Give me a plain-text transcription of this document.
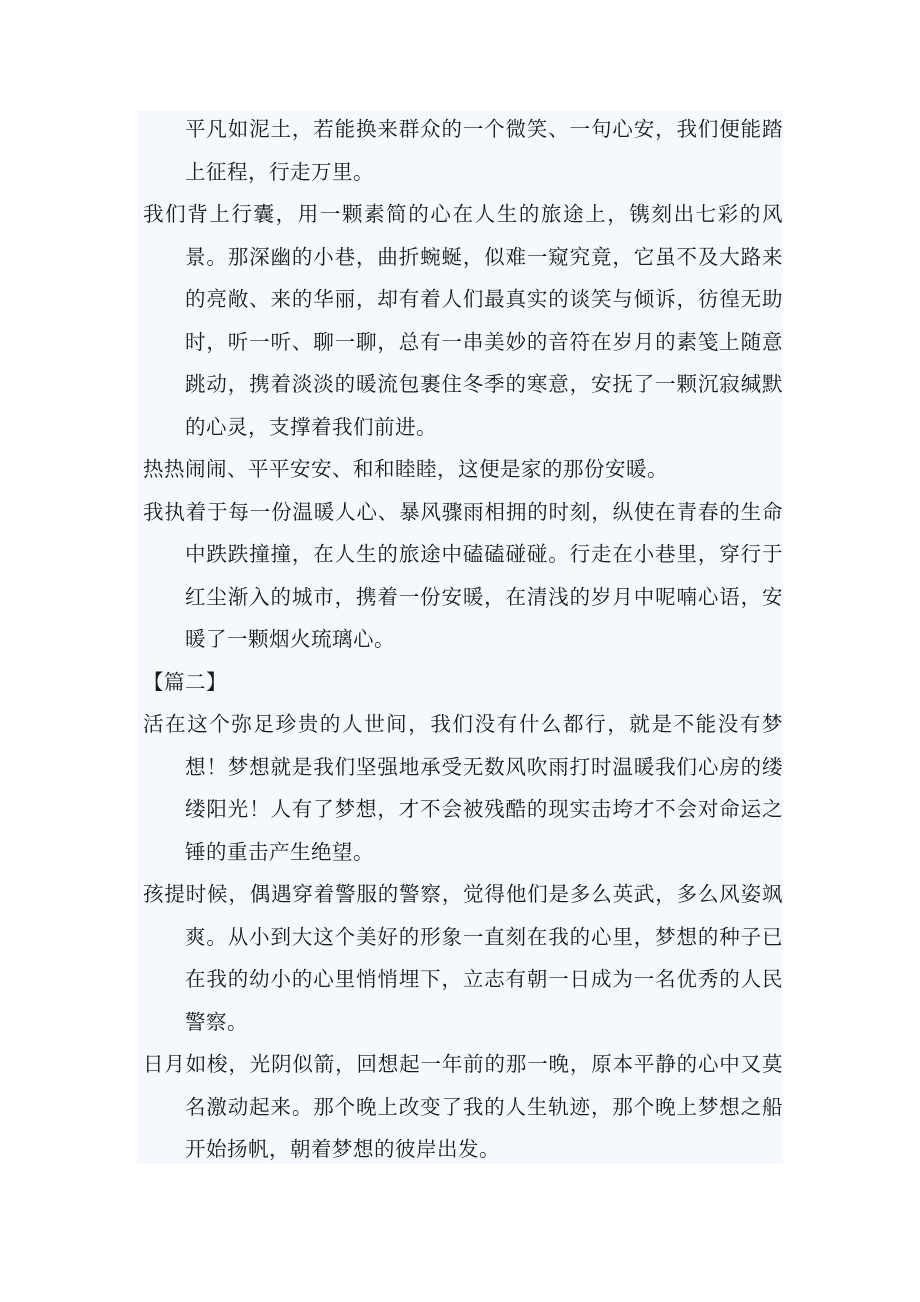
平凡如泥土，若能换来群众的一个微笑、一句心安，我们便能踏上征程，行走万里。

我们背上行囊，用一颗素简的心在人生的旅途上，镌刻出七彩的风景。那深幽的小巷，曲折蜿蜒，似难一窥究竟，它虽不及大路来的亮敞、来的华丽，却有着人们最真实的谈笑与倾诉，彷徨无助时，听一听、聊一聊，总有一串美妙的音符在岁月的素笺上随意跳动，携着淡淡的暖流包裹住冬季的寒意，安抚了一颗沉寂缄默的心灵，支撑着我们前进。

热热闹闹、平平安安、和和睦睦，这便是家的那份安暖。

我执着于每一份温暖人心、暴风骤雨相拥的时刻，纵使在青春的生命中跌跌撞撞，在人生的旅途中磕磕碰碰。行走在小巷里，穿行于红尘渐入的城市，携着一份安暖，在清浅的岁月中呢喃心语，安暖了一颗烟火琉璃心。

【篇二】

活在这个弥足珍贵的人世间，我们没有什么都行，就是不能没有梦想！梦想就是我们坚强地承受无数风吹雨打时温暖我们心房的缕缕阳光！人有了梦想，才不会被残酷的现实击垮才不会对命运之锤的重击产生绝望。

孩提时候，偶遇穿着警服的警察，觉得他们是多么英武，多么风姿飒爽。从小到大这个美好的形象一直刻在我的心里，梦想的种子已在我的幼小的心里悄悄埋下，立志有朝一日成为一名优秀的人民警察。

日月如梭，光阴似箭，回想起一年前的那一晚，原本平静的心中又莫名激动起来。那个晚上改变了我的人生轨迹，那个晚上梦想之船开始扬帆，朝着梦想的彼岸出发。
